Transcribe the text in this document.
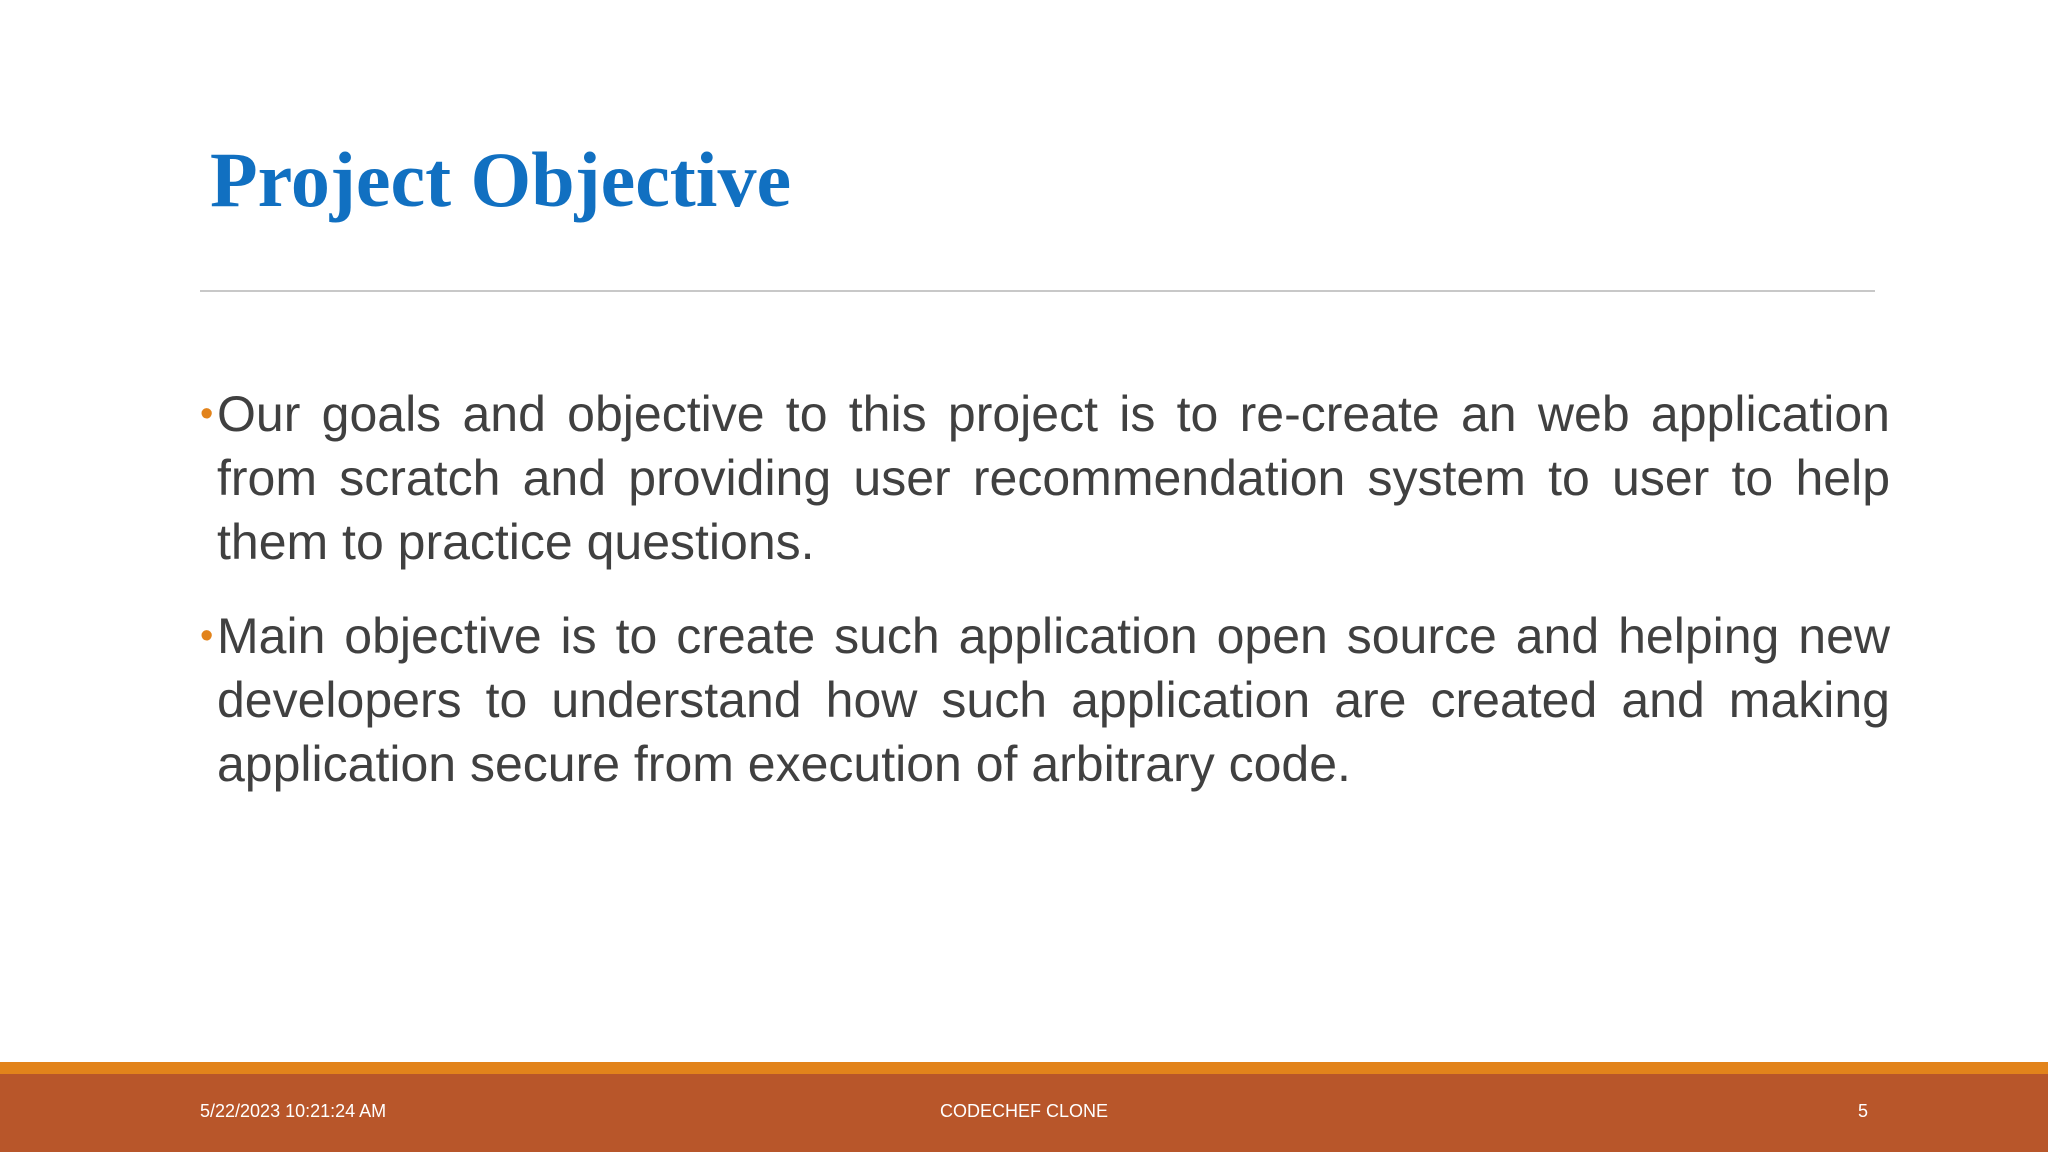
Project Objective
• Our goals and objective to this project is to re-create an web application from scratch and providing user recommendation system to user to help them to practice questions.
• Main objective is to create such application open source and helping new developers to understand how such application are created and making application secure from execution of arbitrary code.
5/22/2023 10:21:24 AM	CODECHEF CLONE	5
